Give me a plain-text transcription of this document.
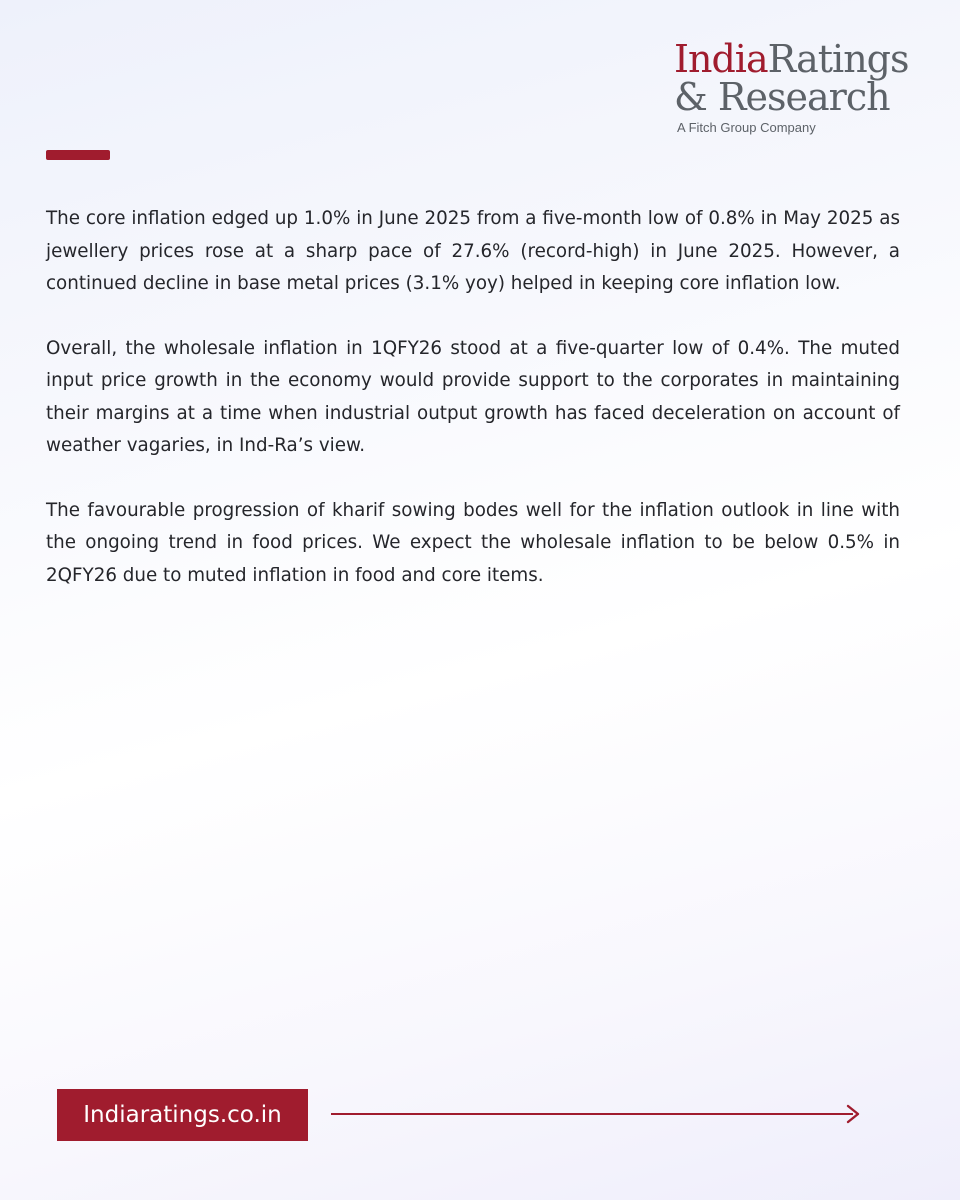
IndiaRatings
& Research
A Fitch Group Company

The core inflation edged up 1.0% in June 2025 from a five-month low of 0.8% in May 2025 as jewellery prices rose at a sharp pace of 27.6% (record-high) in June 2025. However, a continued decline in base metal prices (3.1% yoy) helped in keeping core inflation low.

Overall, the wholesale inflation in 1QFY26 stood at a five-quarter low of 0.4%. The muted input price growth in the economy would provide support to the corporates in maintaining their margins at a time when industrial output growth has faced deceleration on account of weather vagaries, in Ind-Ra’s view.

The favourable progression of kharif sowing bodes well for the inflation outlook in line with the ongoing trend in food prices. We expect the wholesale inflation to be below 0.5% in 2QFY26 due to muted inflation in food and core items.

Indiaratings.co.in
